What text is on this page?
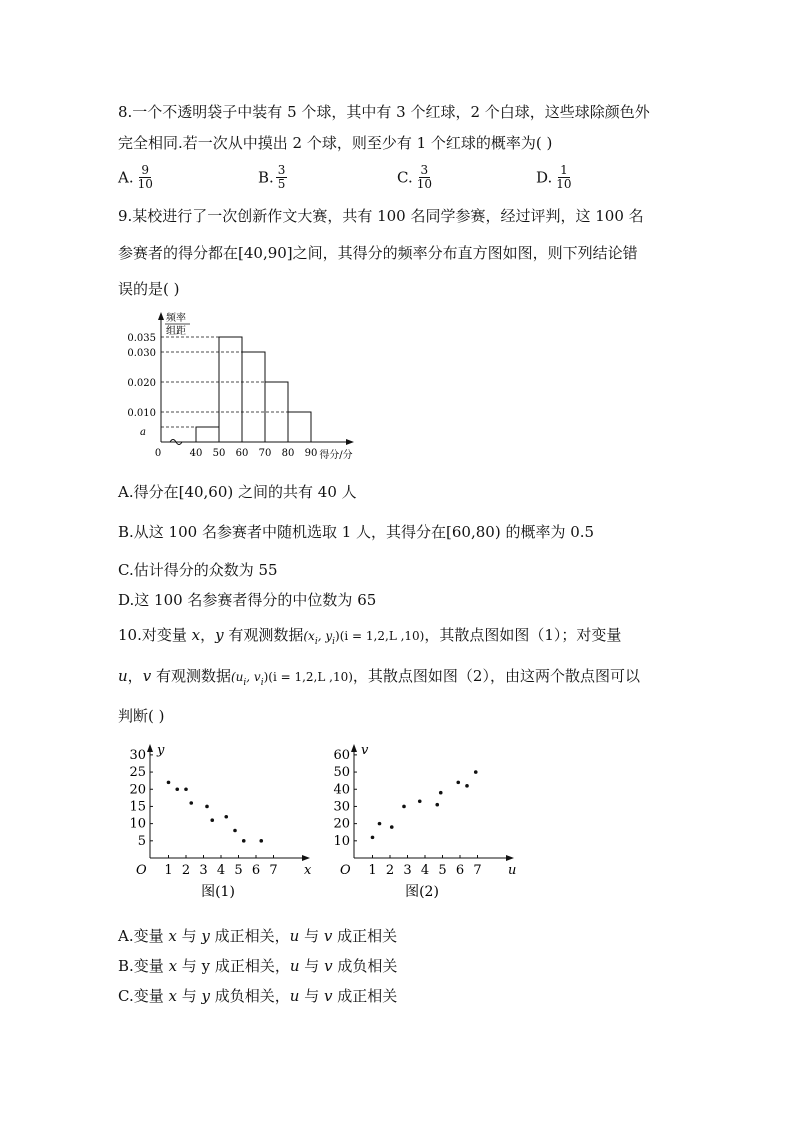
8.一个不透明袋子中装有 5 个球，其中有 3 个红球，2 个白球，这些球除颜色外
完全相同.若一次从中摸出 2 个球，则至少有 1 个红球的概率为( )
A. $\frac{9}{10}$	B. $\frac{3}{5}$	C. $\frac{3}{10}$	D. $\frac{1}{10}$
9.某校进行了一次创新作文大赛，共有 100 名同学参赛，经过评判，这 100 名
参赛者的得分都在[40,90]之间，其得分的频率分布直方图如图，则下列结论错
误的是( )
频率
组距
0.035
0.030
0.020
0.010
a
0	40 50 60 70 80 90 得分/分
A.得分在[40,60) 之间的共有 40 人
B.从这 100 名参赛者中随机选取 1 人，其得分在[60,80) 的概率为 0.5
C.估计得分的众数为 55
D.这 100 名参赛者得分的中位数为 65
10.对变量 x，y 有观测数据($x_i$, $y_i)(i = 1,2,L$ ,10)，其散点图如图（1）；对变量
u，v 有观测数据($u_i$, $v_i)(i = 1,2,L$ ,10)，其散点图如图（2），由这两个散点图可以
判断( )
y
x
O 1 2 3 4 5 6 7
5
10
15
20
25
30
图(1)
v
u
O 1 2 3 4 5 6 7
10
20
30
40
50
60
图(2)
A.变量 x 与 y 成正相关，u 与 v 成正相关
B.变量 x 与 y 成正相关，u 与 v 成负相关
C.变量 x 与 y 成负相关，u 与 v 成正相关
